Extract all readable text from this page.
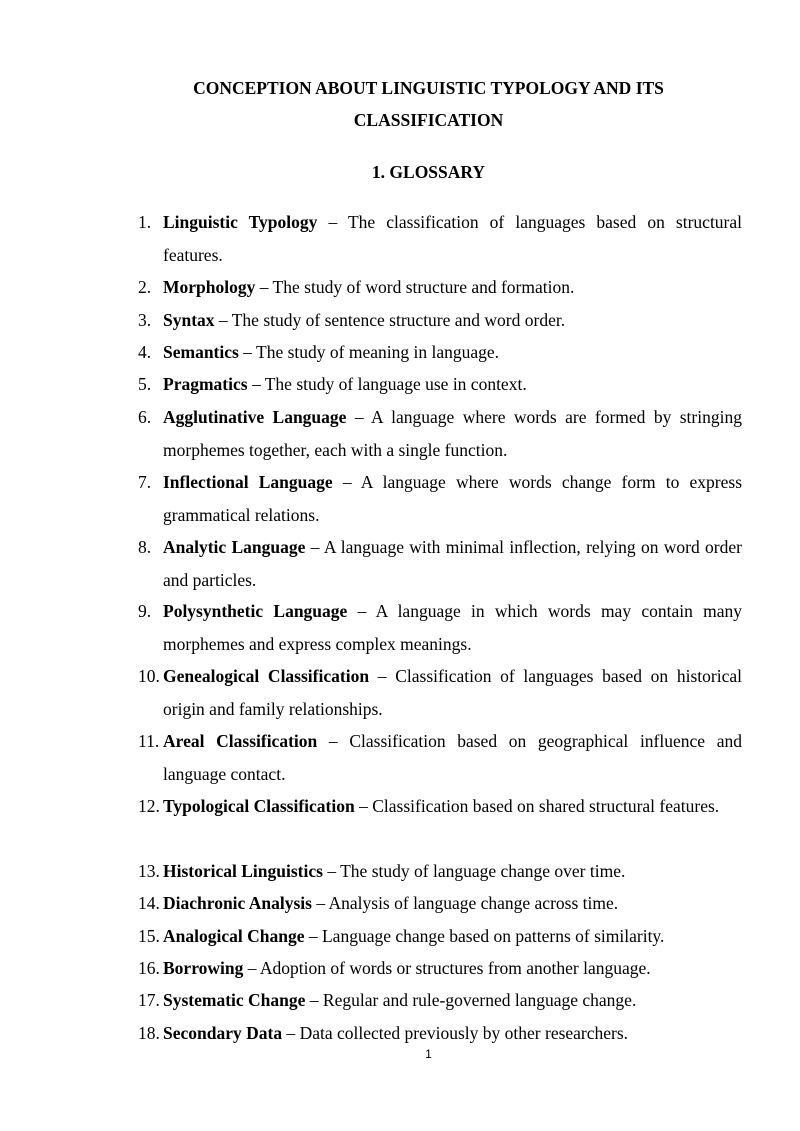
CONCEPTION ABOUT LINGUISTIC TYPOLOGY AND ITS
CLASSIFICATION
1. GLOSSARY
1. Linguistic Typology – The classification of languages based on structural features.
2. Morphology – The study of word structure and formation.
3. Syntax – The study of sentence structure and word order.
4. Semantics – The study of meaning in language.
5. Pragmatics – The study of language use in context.
6. Agglutinative Language – A language where words are formed by stringing morphemes together, each with a single function.
7. Inflectional Language – A language where words change form to express grammatical relations.
8. Analytic Language – A language with minimal inflection, relying on word order and particles.
9. Polysynthetic Language – A language in which words may contain many morphemes and express complex meanings.
10. Genealogical Classification – Classification of languages based on historical origin and family relationships.
11. Areal Classification – Classification based on geographical influence and language contact.
12. Typological Classification – Classification based on shared structural features.
13. Historical Linguistics – The study of language change over time.
14. Diachronic Analysis – Analysis of language change across time.
15. Analogical Change – Language change based on patterns of similarity.
16. Borrowing – Adoption of words or structures from another language.
17. Systematic Change – Regular and rule-governed language change.
18. Secondary Data – Data collected previously by other researchers.
1
